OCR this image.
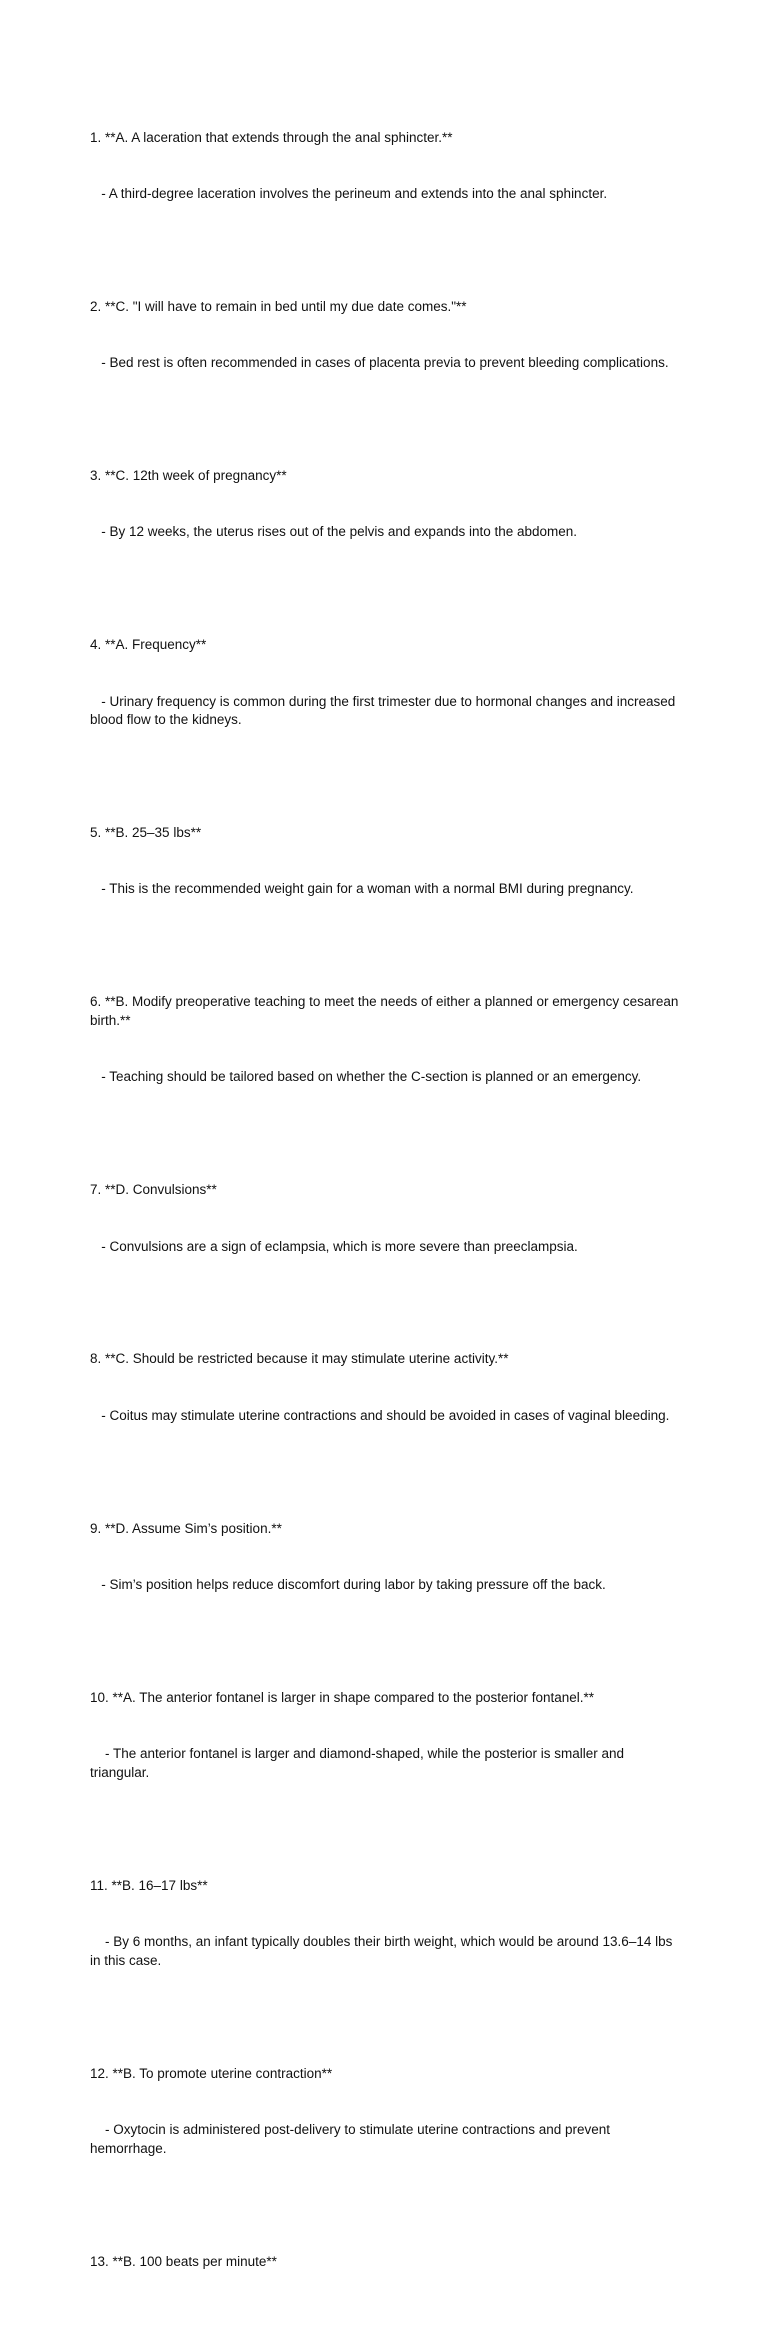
1. **A. A laceration that extends through the anal sphincter.**

- A third-degree laceration involves the perineum and extends into the anal sphincter.

2. **C. "I will have to remain in bed until my due date comes."**

- Bed rest is often recommended in cases of placenta previa to prevent bleeding complications.

3. **C. 12th week of pregnancy**

- By 12 weeks, the uterus rises out of the pelvis and expands into the abdomen.

4. **A. Frequency**

- Urinary frequency is common during the first trimester due to hormonal changes and increased blood flow to the kidneys.

5. **B. 25–35 lbs**

- This is the recommended weight gain for a woman with a normal BMI during pregnancy.

6. **B. Modify preoperative teaching to meet the needs of either a planned or emergency cesarean birth.**

- Teaching should be tailored based on whether the C-section is planned or an emergency.

7. **D. Convulsions**

- Convulsions are a sign of eclampsia, which is more severe than preeclampsia.

8. **C. Should be restricted because it may stimulate uterine activity.**

- Coitus may stimulate uterine contractions and should be avoided in cases of vaginal bleeding.

9. **D. Assume Sim’s position.**

- Sim’s position helps reduce discomfort during labor by taking pressure off the back.

10. **A. The anterior fontanel is larger in shape compared to the posterior fontanel.**

- The anterior fontanel is larger and diamond-shaped, while the posterior is smaller and triangular.

11. **B. 16–17 lbs**

- By 6 months, an infant typically doubles their birth weight, which would be around 13.6–14 lbs in this case.

12. **B. To promote uterine contraction**

- Oxytocin is administered post-delivery to stimulate uterine contractions and prevent hemorrhage.

13. **B. 100 beats per minute**
